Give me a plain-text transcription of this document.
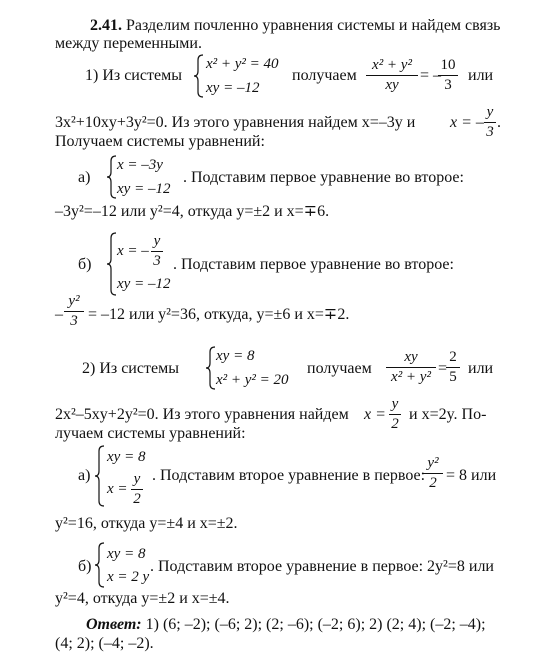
2.41. Разделим почленно уравнения системы и найдем связь
между переменными.
1) Из системы
x² + y² = 40
xy = –12
получаем
x² + y²
xy
= –
10
3
или
3x²+10xy+3y²=0. Из этого уравнения найдем x=–3y и x = –
y
3
.
Получаем системы уравнений:
а)
x = –3y
xy = –12
. Подставим первое уравнение во второе:
–3y²=–12 или y²=4, откуда y=±2 и x=∓6.
б)
x = –
y
3
xy = –12
. Подставим первое уравнение во второе:
–
y²
3 = –12 или y²=36, откуда, y=±6 и x=∓2.
2) Из системы
xy = 8
x² + y² = 20
получаем
xy
x² + y² =
2
5 или
2x²–5xy+2y²=0. Из этого уравнения найдем x =
y
2
и x=2y. По-
лучаем системы уравнений:
а)
xy = 8
x =
y
2
. Подставим второе уравнение в первое:
y²
2 = 8 или
y²=16, откуда y=±4 и x=±2.
б)
xy = 8
x = 2 y
. Подставим второе уравнение в первое: 2y²=8 или
y²=4, откуда y=±2 и x=±4.
Ответ: 1) (6; –2); (–6; 2); (2; –6); (–2; 6); 2) (2; 4); (–2; –4);
(4; 2); (–4; –2).
